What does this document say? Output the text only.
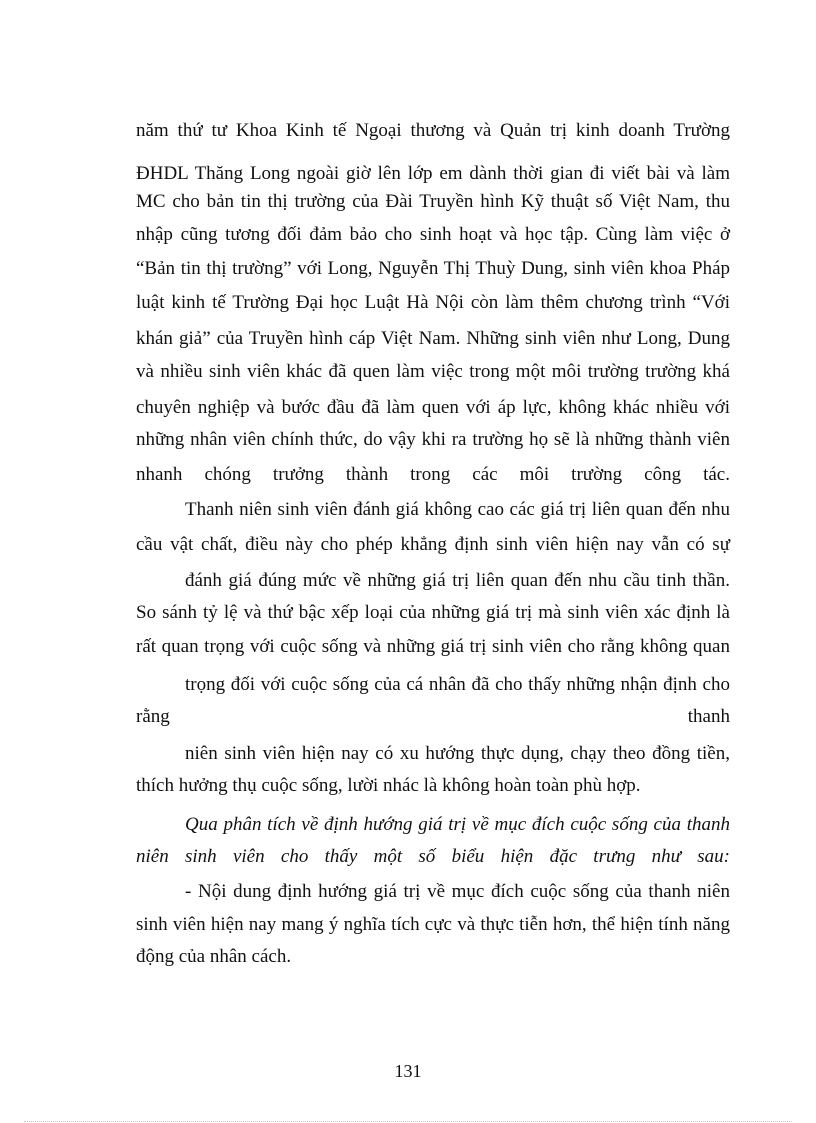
năm thứ tư Khoa Kinh tế Ngoại thương và Quản trị kinh doanh Trường
ĐHDL Thăng Long ngoài giờ lên lớp em dành thời gian đi viết bài và làm
MC cho bản tin thị trường của Đài Truyền hình Kỹ thuật số Việt Nam, thu
nhập cũng tương đối đảm bảo cho sinh hoạt và học tập. Cùng làm việc ở
“Bản tin thị trường” với Long, Nguyễn Thị Thuỳ Dung, sinh viên khoa Pháp
luật kinh tế Trường Đại học Luật Hà Nội còn làm thêm chương trình “Với
khán giả” của Truyền hình cáp Việt Nam. Những sinh viên như Long, Dung
và nhiều sinh viên khác đã quen làm việc trong một môi trường trường khá
chuyên nghiệp và bước đầu đã làm quen với áp lực, không khác nhiều với
những nhân viên chính thức, do vậy khi ra trường họ sẽ là những thành viên
nhanh chóng trưởng thành trong các môi trường công tác.
Thanh niên sinh viên đánh giá không cao các giá trị liên quan đến nhu
cầu vật chất, điều này cho phép khẳng định sinh viên hiện nay vẫn có sự
đánh giá đúng mức về những giá trị liên quan đến nhu cầu tinh thần.
So sánh tỷ lệ và thứ bậc xếp loại của những giá trị mà sinh viên xác định là
rất quan trọng với cuộc sống và những giá trị sinh viên cho rằng không quan
trọng đối với cuộc sống của cá nhân đã cho thấy những nhận định cho
rằng thanh
niên sinh viên hiện nay có xu hướng thực dụng, chạy theo đồng tiền,
thích hưởng thụ cuộc sống, lười nhác là không hoàn toàn phù hợp.
Qua phân tích về định hướng giá trị về mục đích cuộc sống của thanh
niên sinh viên cho thấy một số biểu hiện đặc trưng như sau:
- Nội dung định hướng giá trị về mục đích cuộc sống của thanh niên
sinh viên hiện nay mang ý nghĩa tích cực và thực tiễn hơn, thể hiện tính năng
động của nhân cách.
131
